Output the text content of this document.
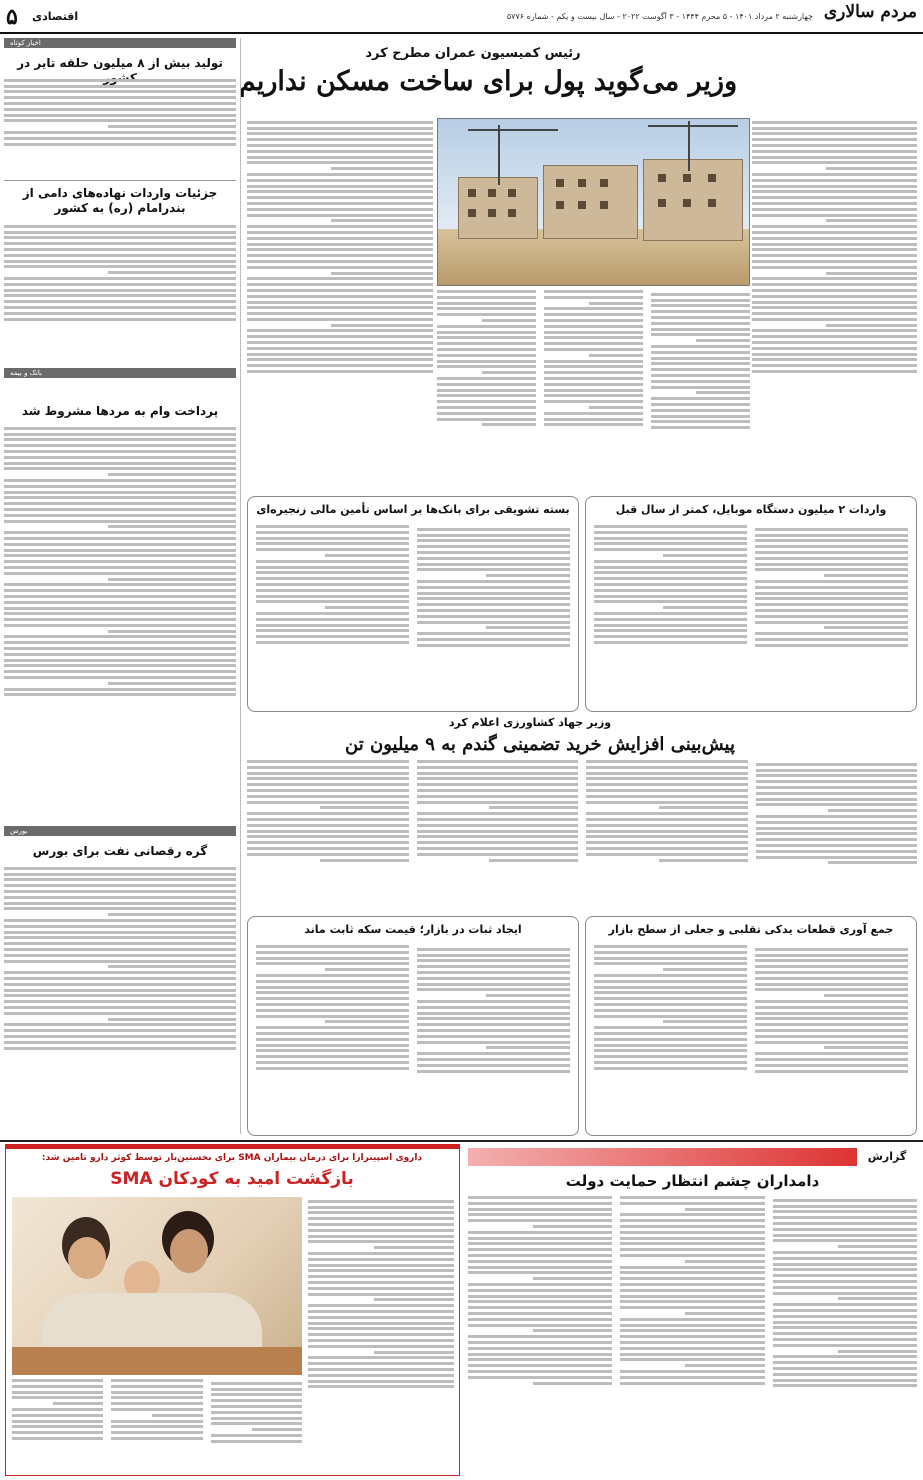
مردم سالاری
چهارشنبه ۲ مرداد ۱۴۰۱ - ۵ محرم ۱۴۴۴ - ۳ آگوست ۲۰۲۲ - سال بیست و یکم - شماره ۵۷۷۶
اقتصادی
۵
رئیس کمیسیون عمران مطرح کرد
وزیر می‌گوید پول برای ساخت مسکن نداریم
اخبار کوتاه
تولید بیش از ۸ میلیون حلقه تایر در
جزئیات واردات نهاده‌های دامی از بندرامام (ره) به کشور
بانک و بیمه
پرداخت وام به مردها مشروط شد
بورس
گره رقصانی نفت برای بورس
واردات ۲ میلیون دستگاه موبایل، کمتر از سال قبل
بسته تشویقی برای بانک‌ها بر اساس تأمین مالی زنجیره‌ای
وزیر جهاد کشاورزی اعلام کرد
پیش‌بینی افزایش خرید تضمینی گندم به ۹ میلیون تن
جمع آوری قطعات یدکی تقلبی و جعلی از سطح بازار
ایجاد ثبات در بازار؛ قیمت سکه ثابت ماند
گزارش
دامداران چشم انتظار حمایت دولت
داروی اسپینرازا برای درمان بیماران SMA برای نخستین‌بار توسط کوثر دارو تامین شد:
بازگشت امید به کودکان SMA
